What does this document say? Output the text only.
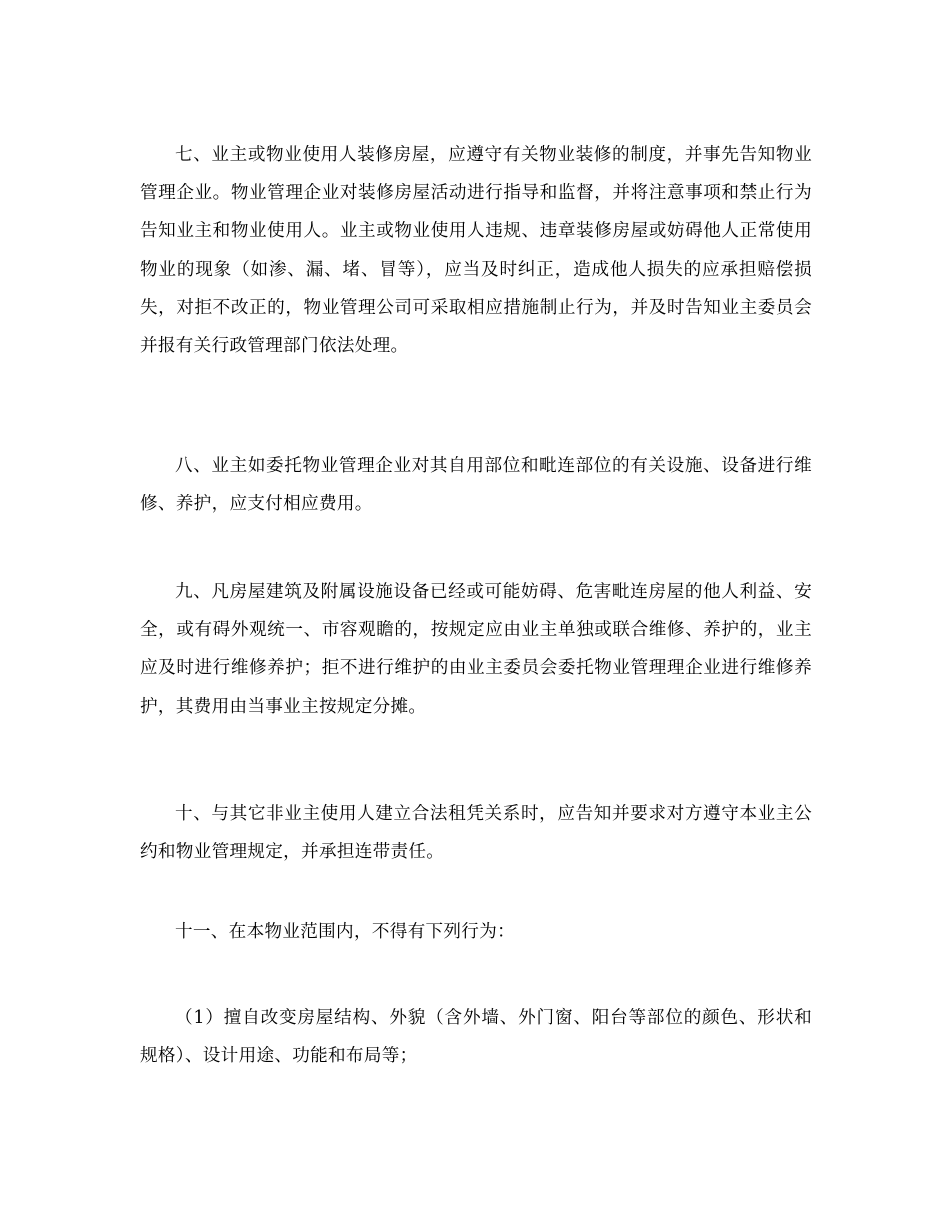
七、业主或物业使用人装修房屋，应遵守有关物业装修的制度，并事先告知物业管理企业。物业管理企业对装修房屋活动进行指导和监督，并将注意事项和禁止行为告知业主和物业使用人。业主或物业使用人违规、违章装修房屋或妨碍他人正常使用物业的现象（如渗、漏、堵、冒等），应当及时纠正，造成他人损失的应承担赔偿损失，对拒不改正的，物业管理公司可采取相应措施制止行为，并及时告知业主委员会并报有关行政管理部门依法处理。

八、业主如委托物业管理企业对其自用部位和毗连部位的有关设施、设备进行维修、养护，应支付相应费用。

九、凡房屋建筑及附属设施设备已经或可能妨碍、危害毗连房屋的他人利益、安全，或有碍外观统一、市容观瞻的，按规定应由业主单独或联合维修、养护的，业主应及时进行维修养护；拒不进行维护的由业主委员会委托物业管理理企业进行维修养护，其费用由当事业主按规定分摊。

十、与其它非业主使用人建立合法租凭关系时，应告知并要求对方遵守本业主公约和物业管理规定，并承担连带责任。

十一、在本物业范围内，不得有下列行为：

（1）擅自改变房屋结构、外貌（含外墙、外门窗、阳台等部位的颜色、形状和规格）、设计用途、功能和布局等；
